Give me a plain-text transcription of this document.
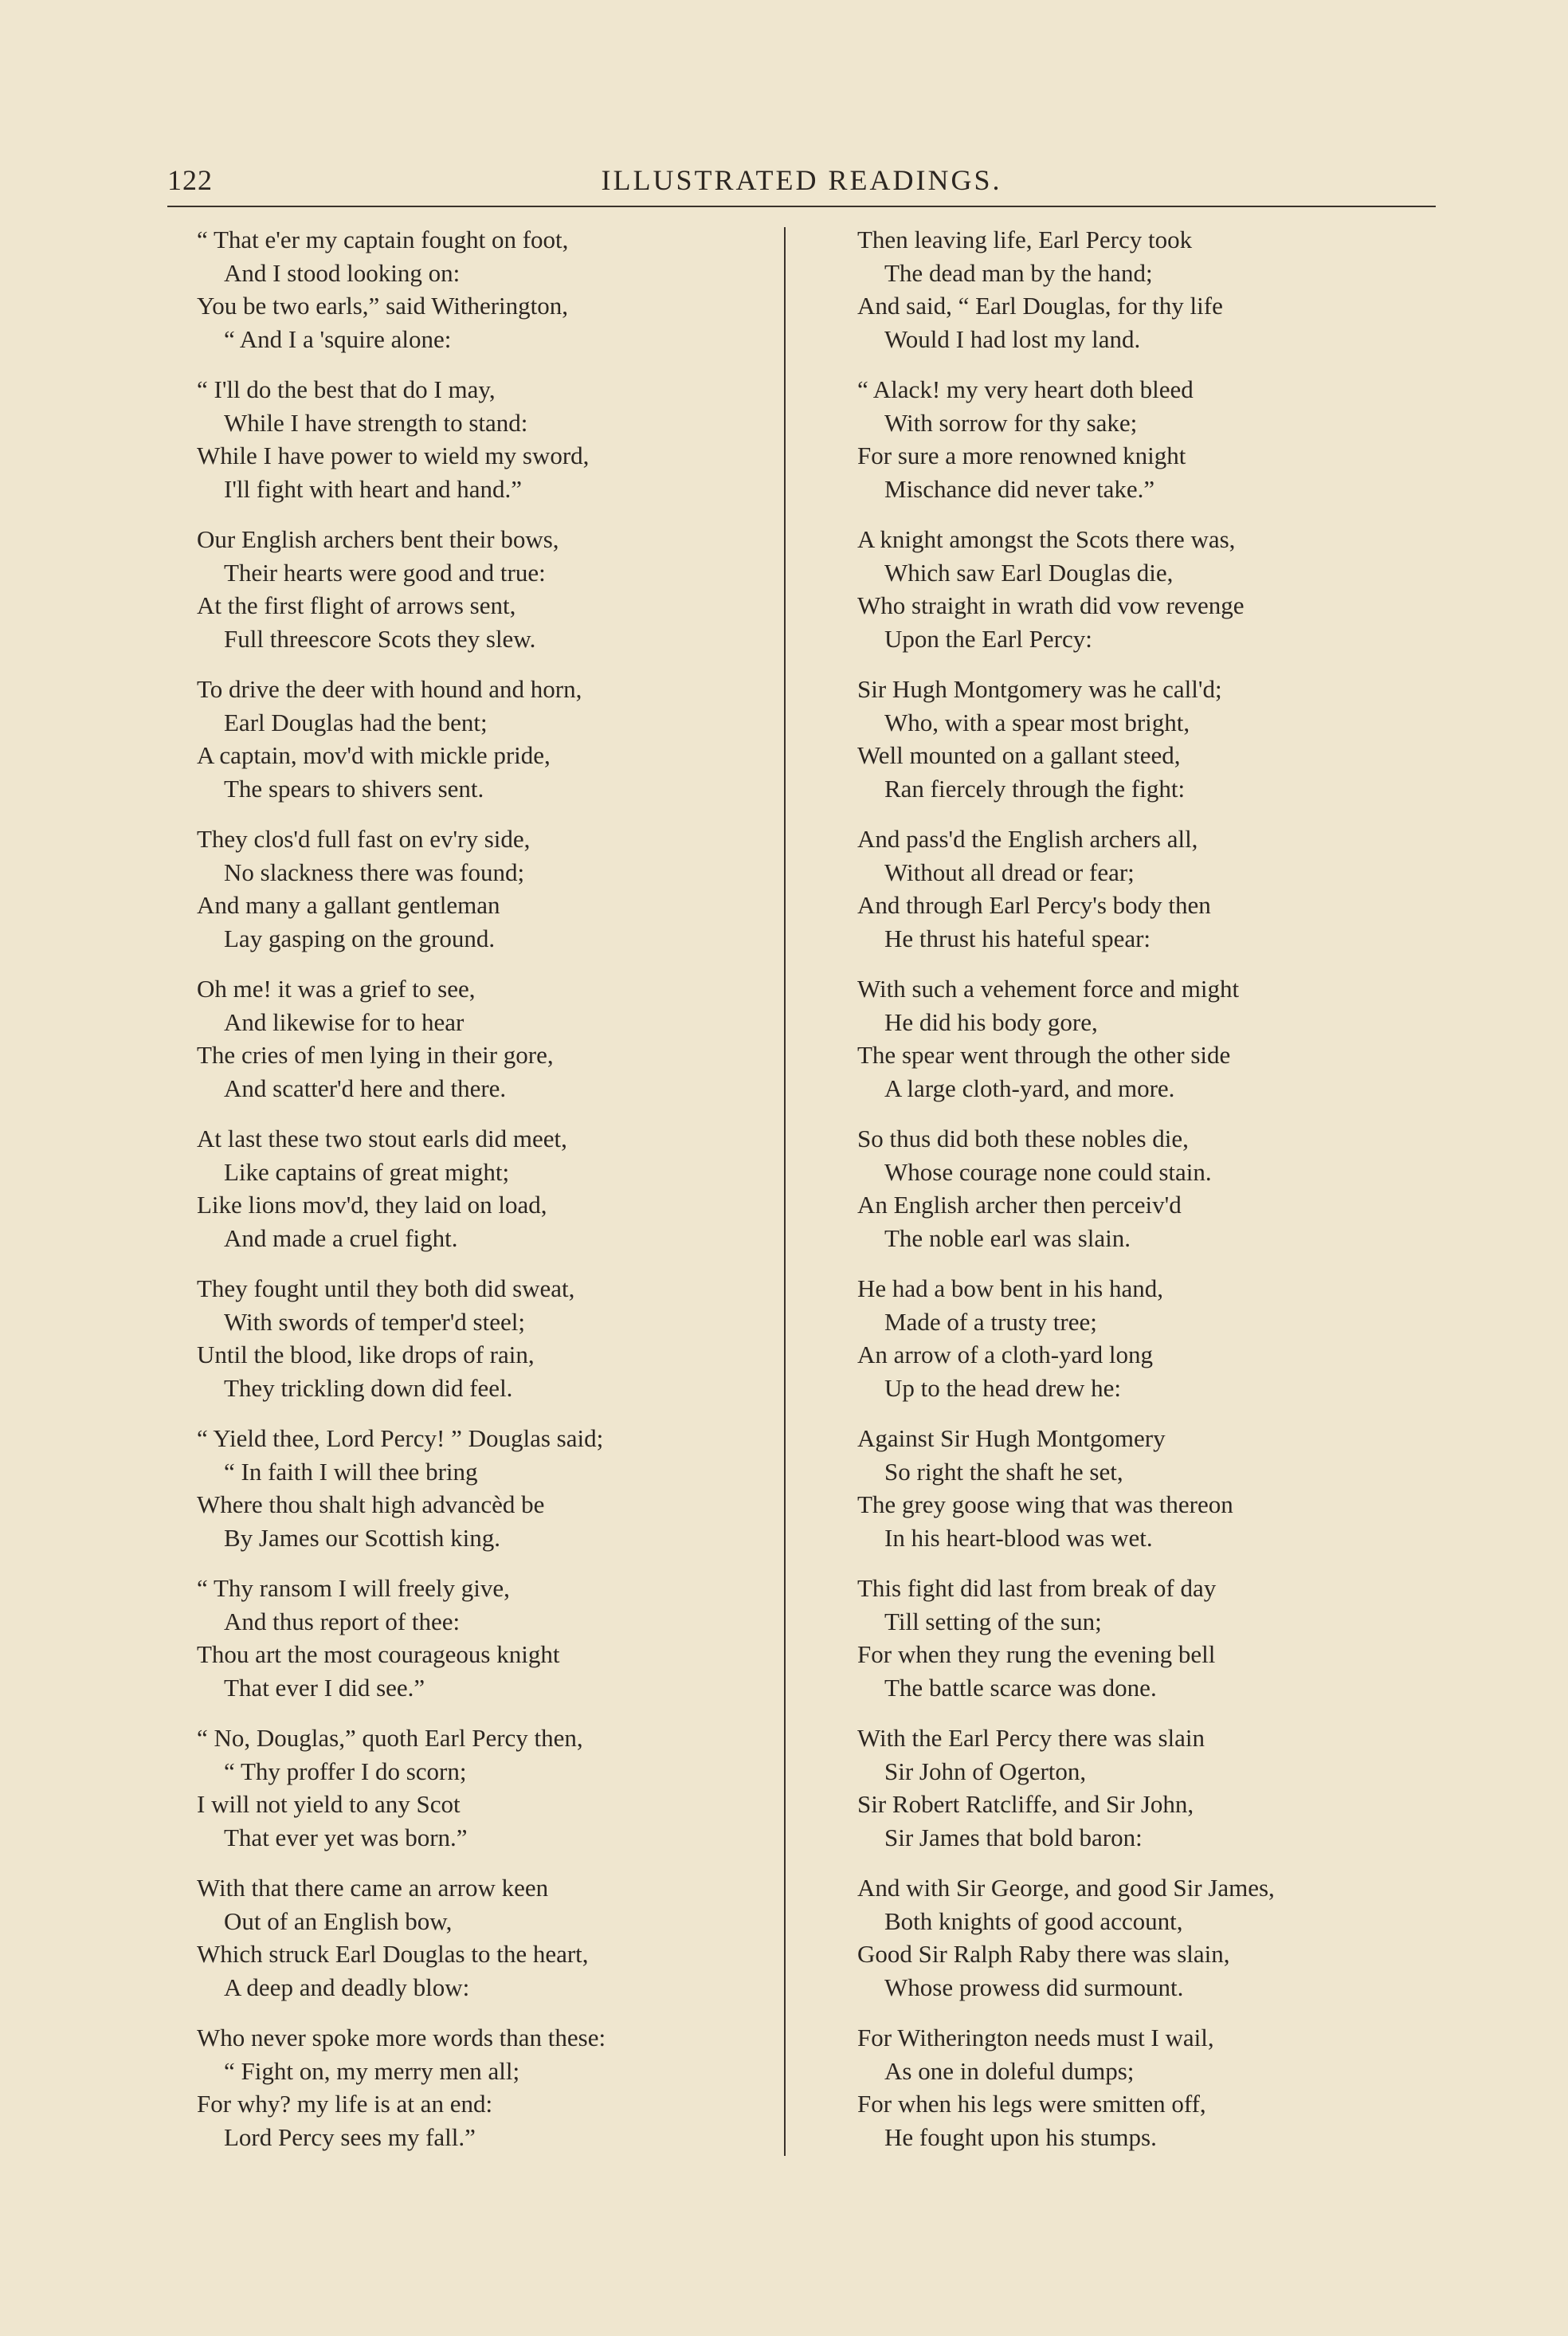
122	ILLUSTRATED READINGS.
“ That e'er my captain fought on foot,
And I stood looking on:
You be two earls,” said Witherington,
“ And I a 'squire alone:
“ I'll do the best that do I may,
While I have strength to stand:
While I have power to wield my sword,
I'll fight with heart and hand.”
Our English archers bent their bows,
Their hearts were good and true:
At the first flight of arrows sent,
Full threescore Scots they slew.
To drive the deer with hound and horn,
Earl Douglas had the bent;
A captain, mov'd with mickle pride,
The spears to shivers sent.
They clos'd full fast on ev'ry side,
No slackness there was found;
And many a gallant gentleman
Lay gasping on the ground.
Oh me! it was a grief to see,
And likewise for to hear
The cries of men lying in their gore,
And scatter'd here and there.
At last these two stout earls did meet,
Like captains of great might;
Like lions mov'd, they laid on load,
And made a cruel fight.
They fought until they both did sweat,
With swords of temper'd steel;
Until the blood, like drops of rain,
They trickling down did feel.
“ Yield thee, Lord Percy! ” Douglas said;
“ In faith I will thee bring
Where thou shalt high advancèd be
By James our Scottish king.
“ Thy ransom I will freely give,
And thus report of thee:
Thou art the most courageous knight
That ever I did see.”
“ No, Douglas,” quoth Earl Percy then,
“ Thy proffer I do scorn;
I will not yield to any Scot
That ever yet was born.”
With that there came an arrow keen
Out of an English bow,
Which struck Earl Douglas to the heart,
A deep and deadly blow:
Who never spoke more words than these:
“ Fight on, my merry men all;
For why? my life is at an end:
Lord Percy sees my fall.”
Then leaving life, Earl Percy took
The dead man by the hand;
And said, “ Earl Douglas, for thy life
Would I had lost my land.
“ Alack! my very heart doth bleed
With sorrow for thy sake;
For sure a more renowned knight
Mischance did never take.”
A knight amongst the Scots there was,
Which saw Earl Douglas die,
Who straight in wrath did vow revenge
Upon the Earl Percy:
Sir Hugh Montgomery was he call'd;
Who, with a spear most bright,
Well mounted on a gallant steed,
Ran fiercely through the fight:
And pass'd the English archers all,
Without all dread or fear;
And through Earl Percy's body then
He thrust his hateful spear:
With such a vehement force and might
He did his body gore,
The spear went through the other side
A large cloth-yard, and more.
So thus did both these nobles die,
Whose courage none could stain.
An English archer then perceiv'd
The noble earl was slain.
He had a bow bent in his hand,
Made of a trusty tree;
An arrow of a cloth-yard long
Up to the head drew he:
Against Sir Hugh Montgomery
So right the shaft he set,
The grey goose wing that was thereon
In his heart-blood was wet.
This fight did last from break of day
Till setting of the sun;
For when they rung the evening bell
The battle scarce was done.
With the Earl Percy there was slain
Sir John of Ogerton,
Sir Robert Ratcliffe, and Sir John,
Sir James that bold baron:
And with Sir George, and good Sir James,
Both knights of good account,
Good Sir Ralph Raby there was slain,
Whose prowess did surmount.
For Witherington needs must I wail,
As one in doleful dumps;
For when his legs were smitten off,
He fought upon his stumps.
